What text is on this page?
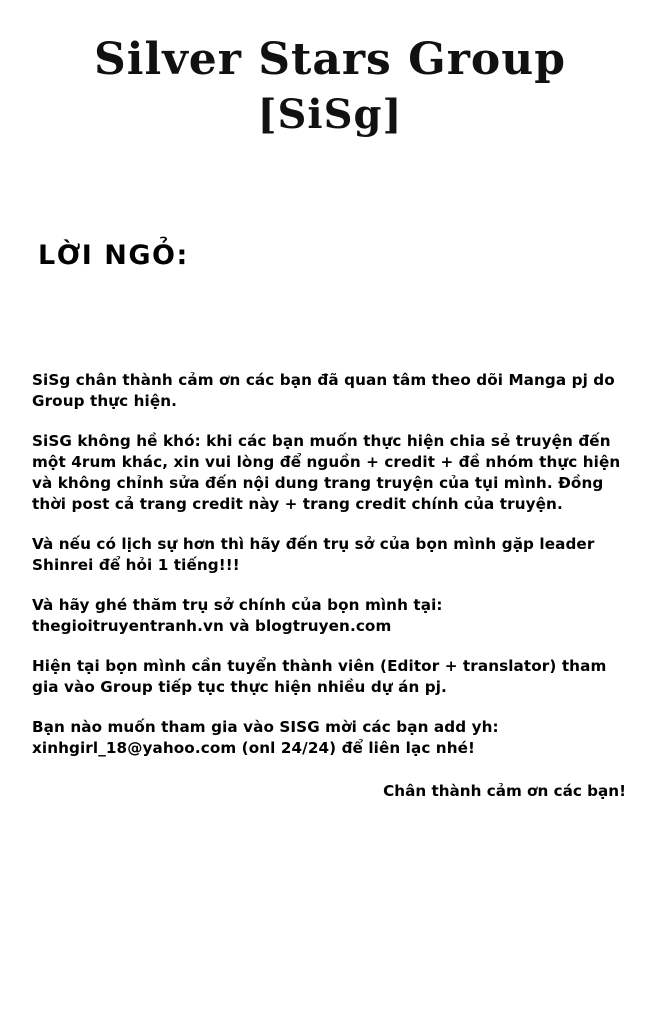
Silver Stars Group
[SiSg]
LỜI NGỎ:

SiSg chân thành cảm ơn các bạn đã quan tâm theo dõi Manga pj do Group thực hiện.

SiSG không hề khó: khi các bạn muốn thực hiện chia sẻ truyện đến một 4rum khác, xin vui lòng để nguồn + credit + đề nhóm thực hiện và không chỉnh sửa đến nội dung trang truyện của tụi mình. Đồng thời post cả trang credit này + trang credit chính của truyện.

Và nếu có lịch sự hơn thì hãy đến trụ sở của bọn mình gặp leader Shinrei để hỏi 1 tiếng!!!

Và hãy ghé thăm trụ sở chính của bọn mình tại: thegioitruyentranh.vn và blogtruyen.com

Hiện tại bọn mình cần tuyển thành viên (Editor + translator) tham gia vào Group tiếp tục thực hiện nhiều dự án pj.

Bạn nào muốn tham gia vào SISG mời các bạn add yh: xinhgirl_18@yahoo.com (onl 24/24) để liên lạc nhé!

Chân thành cảm ơn các bạn!
